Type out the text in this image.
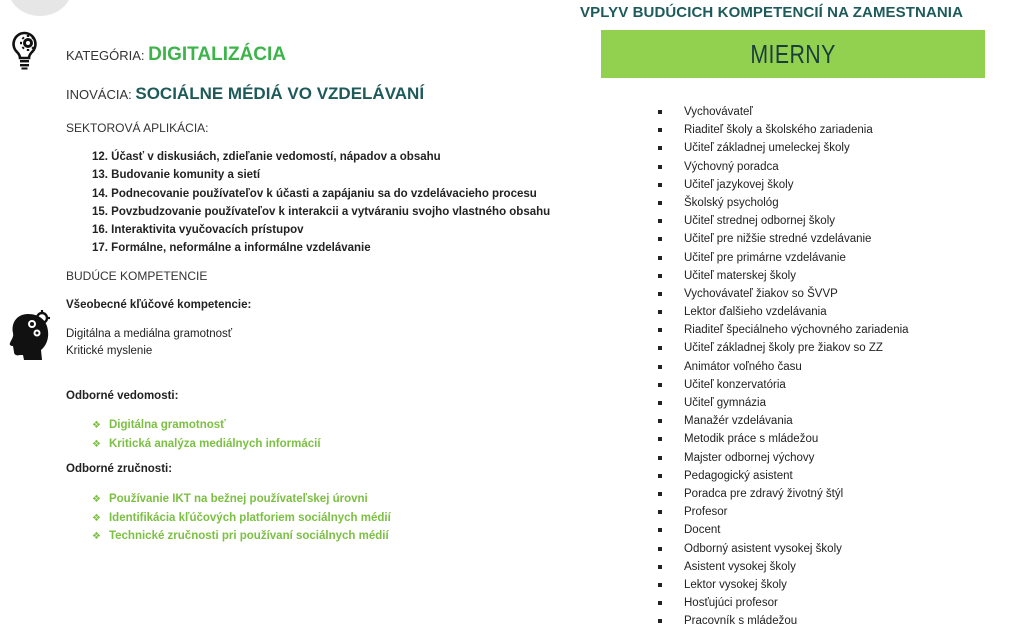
VPLYV BUDÚCICH KOMPETENCIÍ NA ZAMESTNANIA
MIERNY
KATEGÓRIA: DIGITALIZÁCIA
INOVÁCIA: SOCIÁLNE MÉDIÁ VO VZDELÁVANÍ
SEKTOROVÁ APLIKÁCIA:
12. Účasť v diskusiách, zdieľanie vedomostí, nápadov a obsahu
13. Budovanie komunity a sietí
14. Podnecovanie používateľov k účasti a zapájaniu sa do vzdelávacieho procesu
15. Povzbudzovanie používateľov k interakcii a vytváraniu svojho vlastného obsahu
16. Interaktivita vyučovacích prístupov
17. Formálne, neformálne a informálne vzdelávanie
BUDÚCE KOMPETENCIE
Všeobecné kľúčové kompetencie:
Digitálna a mediálna gramotnosť
Kritické myslenie
Odborné vedomosti:
❖ Digitálna gramotnosť
❖ Kritická analýza mediálnych informácií
Odborné zručnosti:
❖ Používanie IKT na bežnej používateľskej úrovni
❖ Identifikácia kľúčových platforiem sociálnych médií
❖ Technické zručnosti pri používaní sociálnych médií
Vychovávateľ
Riaditeľ školy a školského zariadenia
Učiteľ základnej umeleckej školy
Výchovný poradca
Učiteľ jazykovej školy
Školský psychológ
Učiteľ strednej odbornej školy
Učiteľ pre nižšie stredné vzdelávanie
Učiteľ pre primárne vzdelávanie
Učiteľ materskej školy
Vychovávateľ žiakov so ŠVVP
Lektor ďalšieho vzdelávania
Riaditeľ špeciálneho výchovného zariadenia
Učiteľ základnej školy pre žiakov so ZZ
Animátor voľného času
Učiteľ konzervatória
Učiteľ gymnázia
Manažér vzdelávania
Metodik práce s mládežou
Majster odbornej výchovy
Pedagogický asistent
Poradca pre zdravý životný štýl
Profesor
Docent
Odborný asistent vysokej školy
Asistent vysokej školy
Lektor vysokej školy
Hosťujúci profesor
Pracovník s mládežou
